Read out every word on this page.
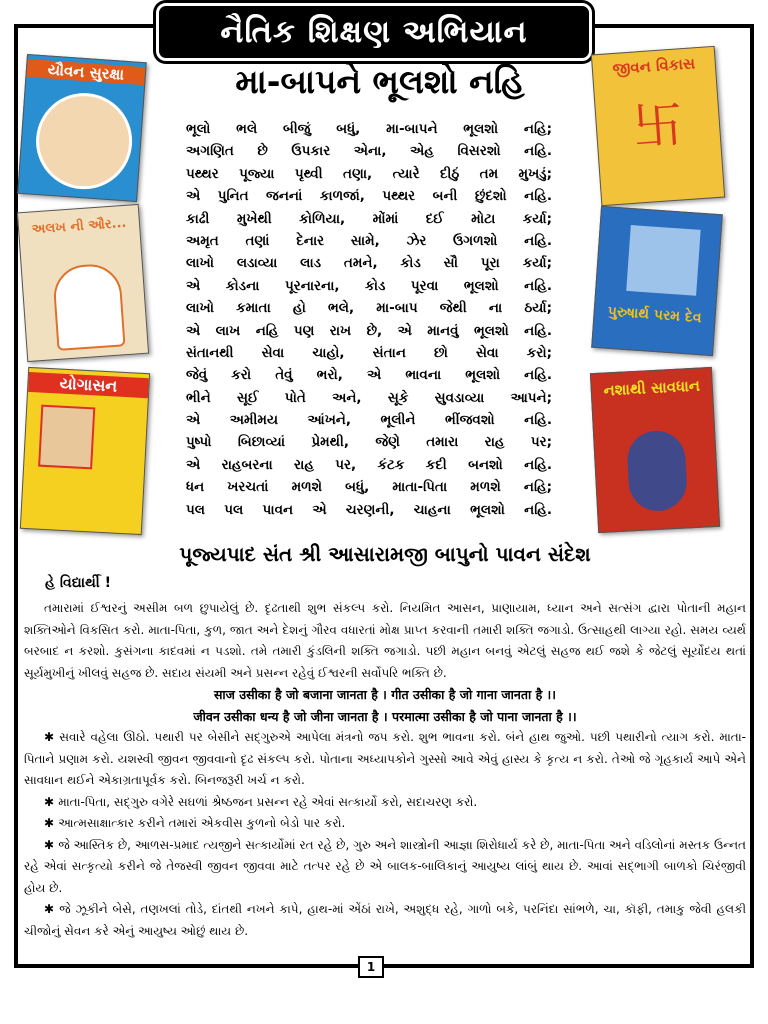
નૈતિક શિક્ષણ અભિયાન
યૌવન સુરક્ષા	જીવન વિકાસ
卐
અલખ ની ઔર...
પુરુષાર્થ પરમ દેવ
યોગાસન	નશાથી સાવધાન
મા-બાપને ભૂલશો નહિ
ભૂલો ભલે બીજું બધું, મા-બાપને ભૂલશો નહિ;
અગણિત છે ઉપકાર એના, એહ વિસરશો નહિ.
પથ્થર પૂજ્યા પૃથ્વી તણા, ત્યારે દીઠું તમ મુખડું;
એ પુનિત જનનાં કાળજાં, પથ્થર બની છુંદશો નહિ.
કાઢી મુખેથી કોળિયા, મોંમાં દઈ મોટા કર્યા;
અમૃત તણાં દેનાર સામે, ઝેર ઉગળશો નહિ.
લાખો લડાવ્યા લાડ તમને, કોડ સૌ પૂરા કર્યા;
એ કોડના પૂરનારના, કોડ પૂરવા ભૂલશો નહિ.
લાખો કમાતા હો ભલે, મા-બાપ જેથી ના ઠર્યા;
એ લાખ નહિ પણ રાખ છે, એ માનવું ભૂલશો નહિ.
સંતાનથી સેવા ચાહો, સંતાન છો સેવા કરો;
જેવું કરો તેવું ભરો, એ ભાવના ભૂલશો નહિ.
ભીને સૂઈ પોતે અને, સૂકે સુવડાવ્યા આપને;
એ અમીમય આંખને, ભૂલીને ભીંજવશો નહિ.
પુષ્પો બિછાવ્યાં પ્રેમથી, જેણે તમારા રાહ પર;
એ રાહબરના રાહ પર, કંટક કદી બનશો નહિ.
ધન ખરચતાં મળશે બધું, માતા-પિતા મળશે નહિ;
પલ પલ પાવન એ ચરણની, ચાહના ભૂલશો નહિ.
પૂજ્યપાદ સંત શ્રી આસારામજી બાપુનો પાવન સંદેશ
હે વિદ્યાર્થી !
તમારામાં ઈશ્વરનું અસીમ બળ છુપાયેલું છે. દૃઢતાથી શુભ સંકલ્પ કરો. નિયમિત આસન, પ્રાણાયામ, ધ્યાન અને સત્સંગ દ્વારા પોતાની મહાન શક્તિઓને વિકસિત કરો. માતા-પિતા, કુળ, જાત અને દેશનું ગૌરવ વધારતાં મોક્ષ પ્રાપ્ત કરવાની તમારી શક્તિ જગાડો. ઉત્સાહથી લાગ્યા રહો. સમય વ્યર્થ બરબાદ ન કરશો. કુસંગના કાદવમાં ન પડશો. તમે તમારી કુંડલિની શક્તિ જગાડો. પછી મહાન બનવું એટલું સહજ થઈ જશે કે જેટલું સૂર્યોદય થતાં સૂર્યમુખીનું ખીલવું સહજ છે. સદાય સંયમી અને પ્રસન્ન રહેવું ઈશ્વરની સર્વોપરિ ભક્તિ છે.
साज उसीका है जो बजाना जानता है । गीत उसीका है जो गाना जानता है ।।
जीवन उसीका धन्य है जो जीना जानता है । परमात्मा उसीका है जो पाना जानता है ।।
✱ સવારે વહેલા ઊઠો. પથારી પર બેસીને સદ્ગુરુએ આપેલા મંત્રનો જપ કરો. શુભ ભાવના કરો. બંને હાથ જુઓ. પછી પથારીનો ત્યાગ કરો. માતા-પિતાને પ્રણામ કરો. યશસ્વી જીવન જીવવાનો દૃઢ સંકલ્પ કરો. પોતાના અધ્યાપકોને ગુસ્સો આવે એવું હાસ્ય કે કૃત્ય ન કરો. તેઓ જે ગૃહકાર્ય આપે એને સાવધાન થઈને એકાગ્રતાપૂર્વક કરો. બિનજરૂરી ખર્ચ ન કરો.
✱ માતા-પિતા, સદ્ગુરુ વગેરે સઘળાં શ્રેષ્ઠજન પ્રસન્ન રહે એવાં સત્કાર્યો કરો, સદાચરણ કરો.
✱ આત્મસાક્ષાત્કાર કરીને તમારાં એકવીસ કુળનો બેડો પાર કરો.
✱ જે આસ્તિક છે, આળસ-પ્રમાદ ત્યજીને સત્કાર્યોમાં રત રહે છે, ગુરુ અને શાસ્ત્રોની આજ્ઞા શિરોધાર્ય કરે છે, માતા-પિતા અને વડિલોનાં મસ્તક ઉન્નત રહે એવાં સત્કૃત્યો કરીને જે તેજસ્વી જીવન જીવવા માટે તત્પર રહે છે એ બાલક-બાલિકાનું આયુષ્ય લાંબું થાય છે. આવાં સદ્ભાગી બાળકો ચિરંજીવી હોય છે.
✱ જે ઝૂકીને બેસે, તણખલાં તોડે, દાંતથી નખને કાપે, હાથ-માં એંઠાં રાખે, અશુદ્ધ રહે, ગાળો બકે, પરનિંદા સાંભળે, ચા, કૉફી, તમાકુ જેવી હલકી ચીજોનું સેવન કરે એનું આયુષ્ય ઓછું થાય છે.
1
